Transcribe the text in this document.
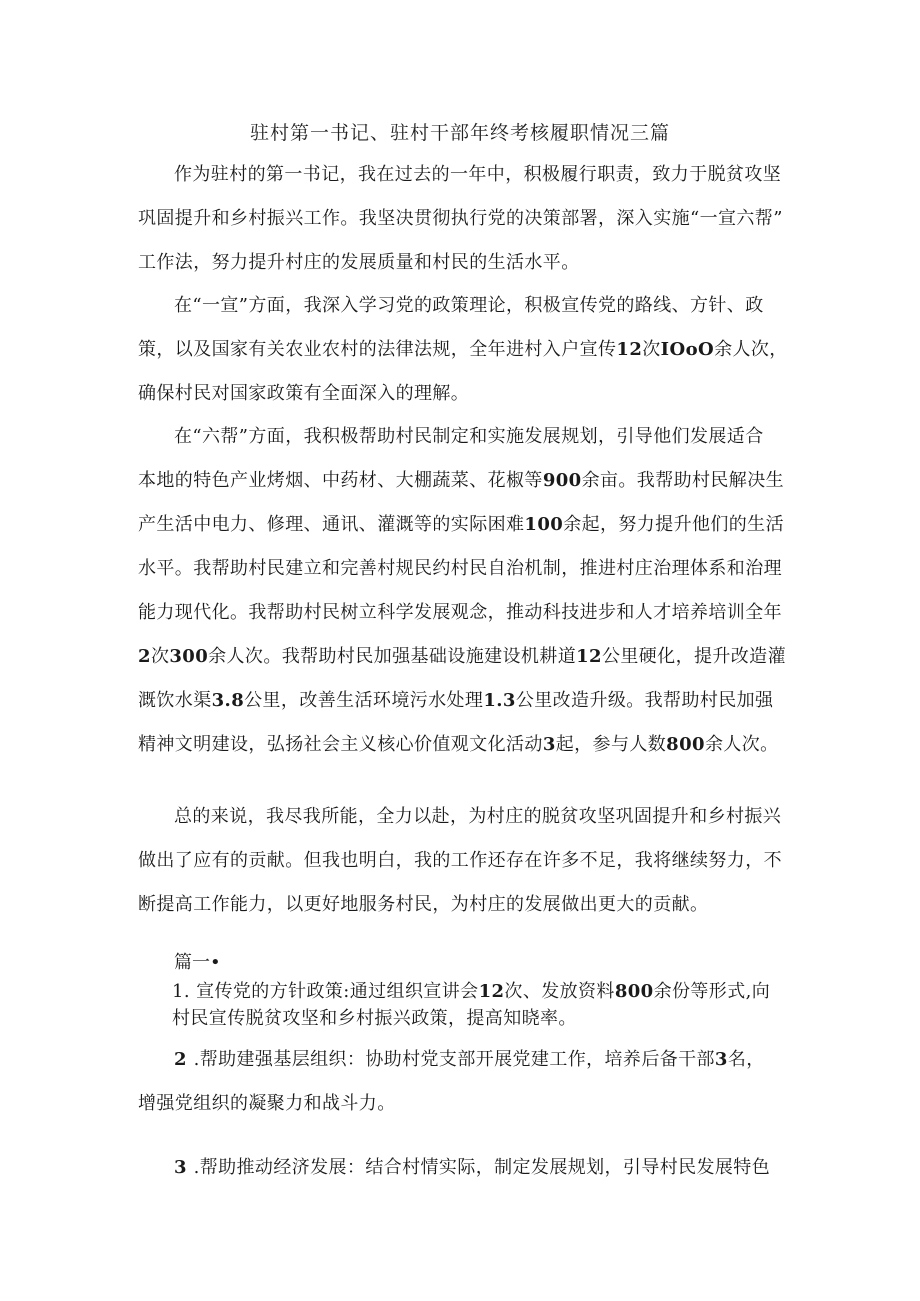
驻村第一书记、驻村干部年终考核履职情况三篇
作为驻村的第一书记，我在过去的一年中，积极履行职责，致力于脱贫攻坚
巩固提升和乡村振兴工作。我坚决贯彻执行党的决策部署，深入实施“一宣六帮”
工作法，努力提升村庄的发展质量和村民的生活水平。
在“一宣”方面，我深入学习党的政策理论，积极宣传党的路线、方针、政
策，以及国家有关农业农村的法律法规，全年进村入户宣传12次IOoO余人次，
确保村民对国家政策有全面深入的理解。
在“六帮”方面，我积极帮助村民制定和实施发展规划，引导他们发展适合
本地的特色产业烤烟、中药材、大棚蔬菜、花椒等900余亩。我帮助村民解决生
产生活中电力、修理、通讯、灌溉等的实际困难100余起，努力提升他们的生活
水平。我帮助村民建立和完善村规民约村民自治机制，推进村庄治理体系和治理
能力现代化。我帮助村民树立科学发展观念，推动科技进步和人才培养培训全年
2次300余人次。我帮助村民加强基础设施建设机耕道12公里硬化，提升改造灌
溉饮水渠3.8公里，改善生活环境污水处理1.3公里改造升级。我帮助村民加强
精神文明建设，弘扬社会主义核心价值观文化活动3起，参与人数800余人次。
总的来说，我尽我所能，全力以赴，为村庄的脱贫攻坚巩固提升和乡村振兴
做出了应有的贡献。但我也明白，我的工作还存在许多不足，我将继续努力，不
断提高工作能力，以更好地服务村民，为村庄的发展做出更大的贡献。
篇一•
1. 宣传党的方针政策:通过组织宣讲会12次、发放资料800余份等形式,向
村民宣传脱贫攻坚和乡村振兴政策，提高知晓率。
2 .帮助建强基层组织：协助村党支部开展党建工作，培养后备干部3名，
增强党组织的凝聚力和战斗力。
3 .帮助推动经济发展：结合村情实际，制定发展规划，引导村民发展特色
